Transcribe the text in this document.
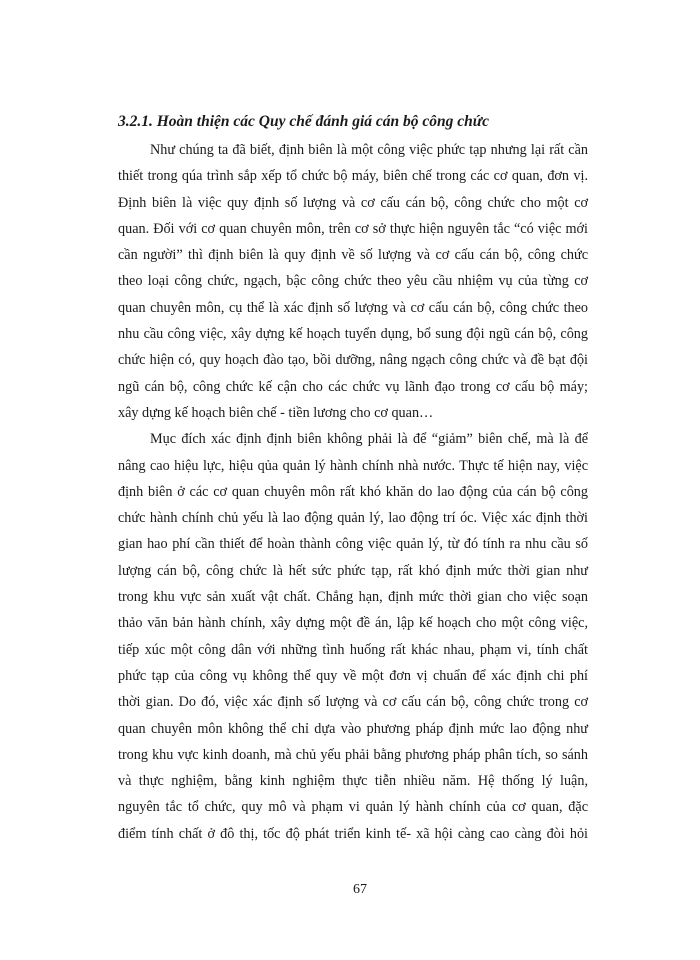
3.2.1. Hoàn thiện các Quy chế đánh giá cán bộ công chức
Như chúng ta đã biết, định biên là một công việc phức tạp nhưng lại rất cần
thiết trong qúa trình sắp xếp tổ chức bộ máy, biên chế trong các cơ quan, đơn vị.
Định biên là việc quy định số lượng và cơ cấu cán bộ, công chức cho một cơ
quan. Đối với cơ quan chuyên môn, trên cơ sở thực hiện nguyên tắc “có việc mới
cần người” thì định biên là quy định về số lượng và cơ cấu cán bộ, công chức
theo loại công chức, ngạch, bậc công chức theo yêu cầu nhiệm vụ của từng cơ
quan chuyên môn, cụ thể là xác định số lượng và cơ cấu cán bộ, công chức theo
nhu cầu công việc, xây dựng kế hoạch tuyển dụng, bổ sung đội ngũ cán bộ, công
chức hiện có, quy hoạch đào tạo, bồi dưỡng, nâng ngạch công chức và đề bạt đội
ngũ cán bộ, công chức kế cận cho các chức vụ lãnh đạo trong cơ cấu bộ máy;
xây dựng kế hoạch biên chế - tiền lương cho cơ quan…
Mục đích xác định định biên không phải là để “giảm” biên chế, mà là để
nâng cao hiệu lực, hiệu qủa quản lý hành chính nhà nước. Thực tế hiện nay, việc
định biên ở các cơ quan chuyên môn rất khó khăn do lao động của cán bộ công
chức hành chính chủ yếu là lao động quản lý, lao động trí óc. Việc xác định thời
gian hao phí cần thiết để hoàn thành công việc quản lý, từ đó tính ra nhu cầu số
lượng cán bộ, công chức là hết sức phức tạp, rất khó định mức thời gian như
trong khu vực sản xuất vật chất. Chẳng hạn, định mức thời gian cho việc soạn
thảo văn bản hành chính, xây dựng một đề án, lập kế hoạch cho một công việc,
tiếp xúc một công dân với những tình huống rất khác nhau, phạm vi, tính chất
phức tạp của công vụ không thể quy về một đơn vị chuẩn để xác định chi phí
thời gian. Do đó, việc xác định số lượng và cơ cấu cán bộ, công chức trong cơ
quan chuyên môn không thể chỉ dựa vào phương pháp định mức lao động như
trong khu vực kinh doanh, mà chủ yếu phải bằng phương pháp phân tích, so sánh
và thực nghiệm, bằng kinh nghiệm thực tiễn nhiều năm. Hệ thống lý luận,
nguyên tắc tổ chức, quy mô và phạm vi quản lý hành chính của cơ quan, đặc
điểm tính chất ở đô thị, tốc độ phát triển kinh tế- xã hội càng cao càng đòi hỏi
67
